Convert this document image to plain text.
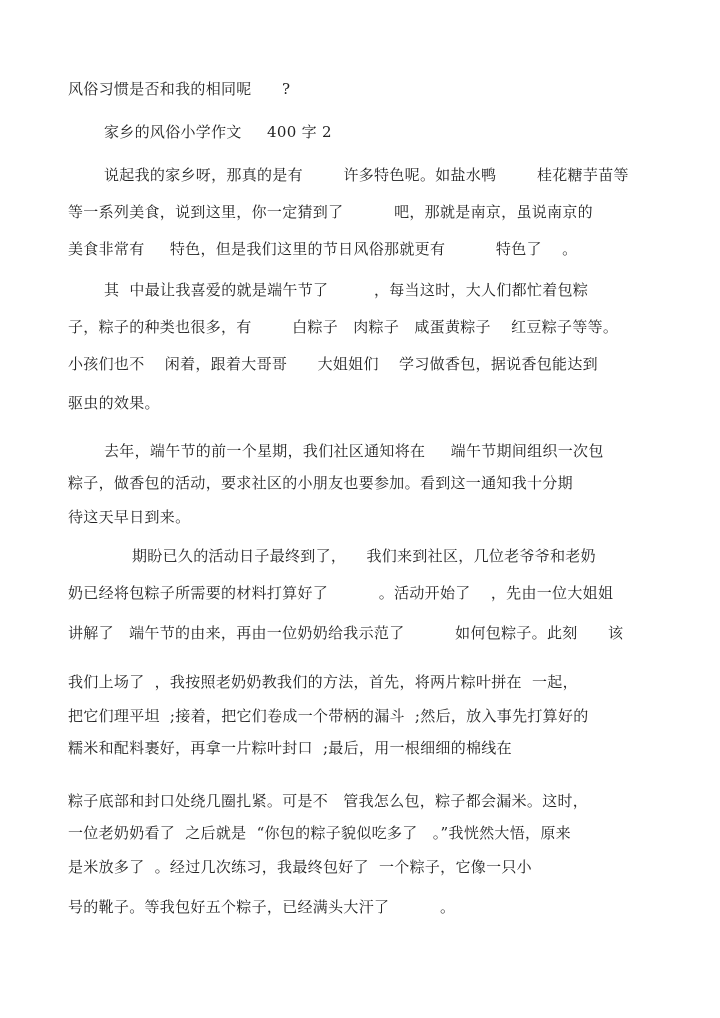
风俗习惯是否和我的相同呢      ?
家乡的风俗小学作文     400 字 2
说起我的家乡呀，那真的是有        许多特色呢。如盐水鸭        桂花糖芋苗等
等一系列美食，说到这里，你一定猜到了          吧，那就是南京，虽说南京的
美食非常有     特色，但是我们这里的节日风俗那就更有          特色了    。
其  中最让我喜爱的就是端午节了         ，每当这时，大人们都忙着包粽
子，粽子的种类也很多，有        白粽子   肉粽子   咸蛋黄粽子    红豆粽子等等。
小孩们也不    闲着，跟着大哥哥      大姐姐们    学习做香包，据说香包能达到
驱虫的效果。
去年，端午节的前一个星期，我们社区通知将在     端午节期间组织一次包
粽子，做香包的活动，要求社区的小朋友也要参加。看到这一通知我十分期
待这天早日到来。
期盼已久的活动日子最终到了，    我们来到社区，几位老爷爷和老奶
奶已经将包粽子所需要的材料打算好了          。活动开始了    ，先由一位大姐姐
讲解了   端午节的由来，再由一位奶奶给我示范了          如何包粽子。此刻      该
我们上场了  ，我按照老奶奶教我们的方法，首先，将两片粽叶拼在  一起，
把它们理平坦  ;接着，把它们卷成一个带柄的漏斗  ;然后，放入事先打算好的
糯米和配料裹好，再拿一片粽叶封口  ;最后，用一根细细的棉线在
粽子底部和封口处绕几圈扎紧。可是不   管我怎么包，粽子都会漏米。这时，
一位老奶奶看了  之后就是  “你包的粽子貌似吃多了   。”我恍然大悟，原来
是米放多了  。经过几次练习，我最终包好了  一个粽子，它像一只小
号的靴子。等我包好五个粽子，已经满头大汗了          。
